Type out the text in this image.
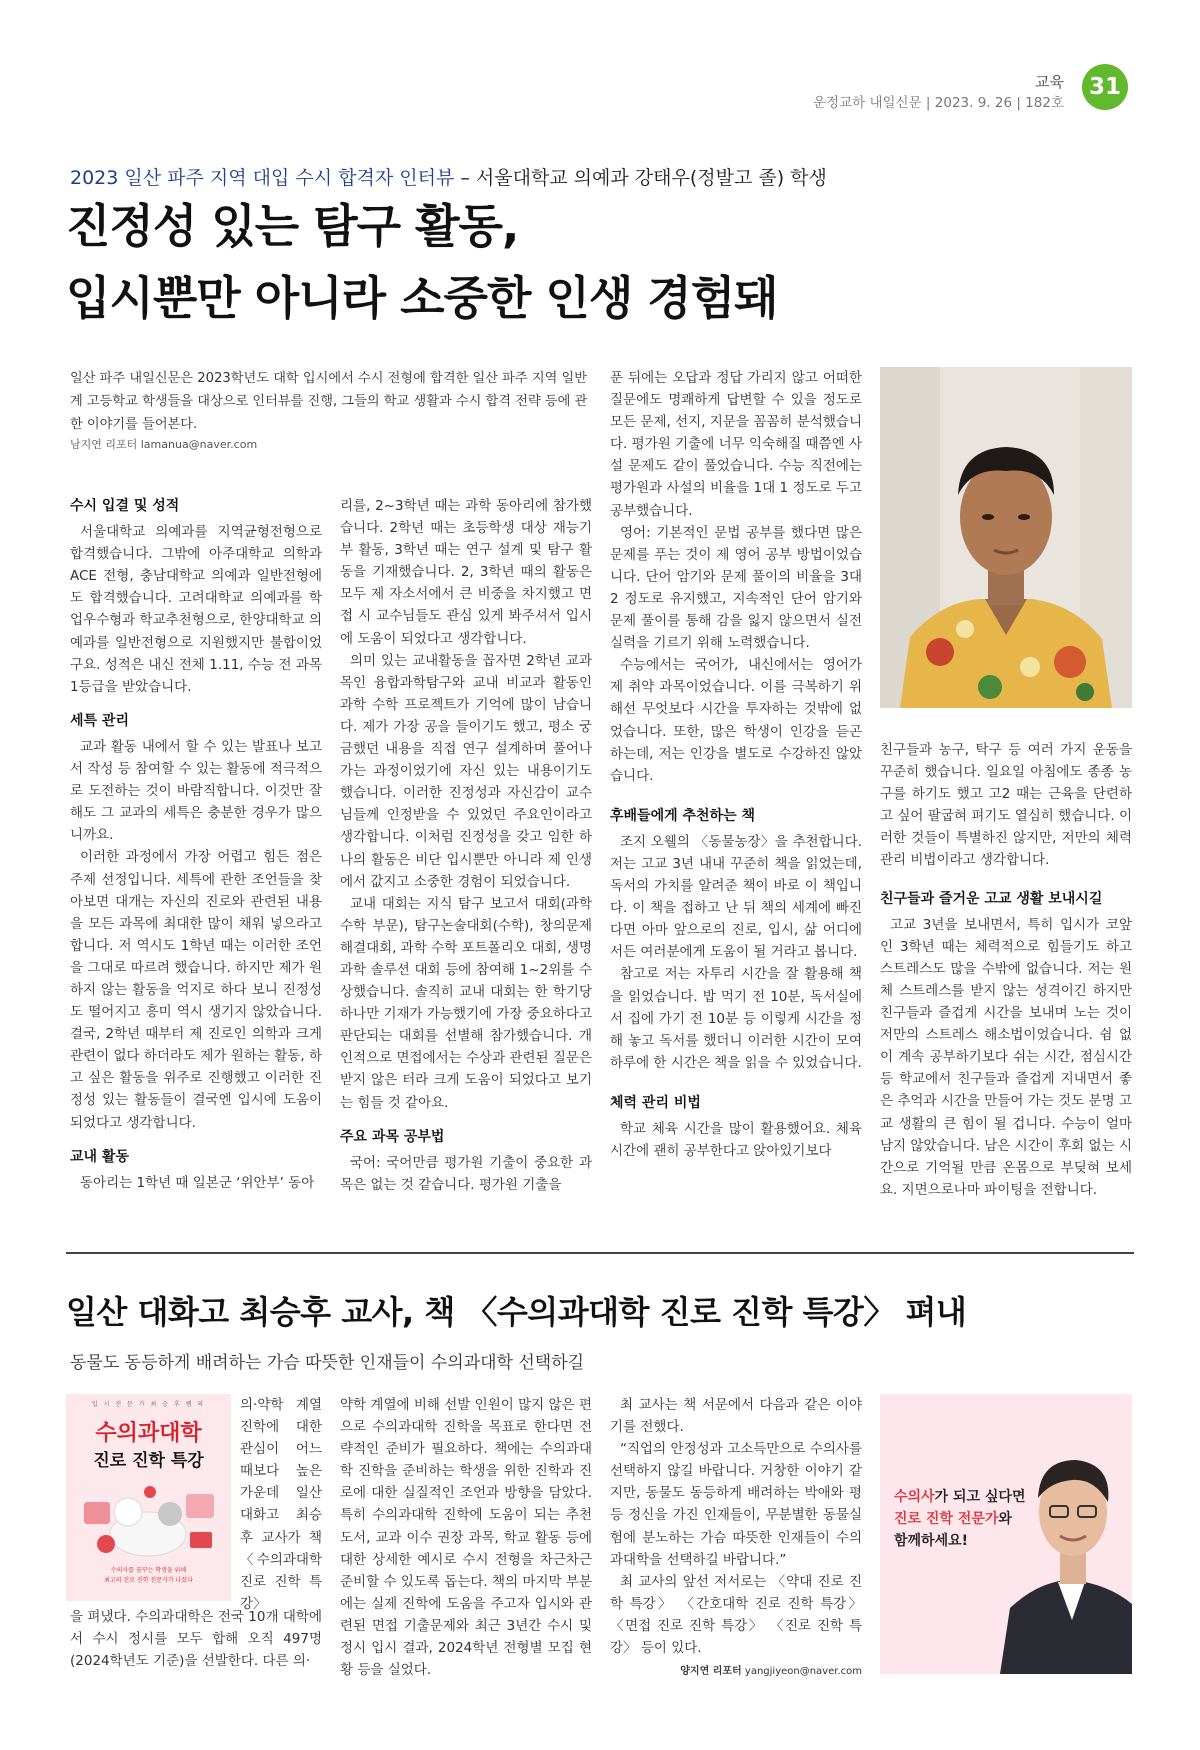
교육
운정교하 내일신문 | 2023. 9. 26 | 182호
31
2023 일산 파주 지역 대입 수시 합격자 인터뷰 – 서울대학교 의예과 강태우(정발고 졸) 학생
진정성 있는 탐구 활동,
입시뿐만 아니라 소중한 인생 경험돼
일산 파주 내일신문은 2023학년도 대학 입시에서 수시 전형에 합격한 일산 파주 지역 일반계 고등학교 학생들을 대상으로 인터뷰를 진행, 그들의 학교 생활과 수시 합격 전략 등에 관한 이야기를 들어본다.
남지연 리포터 lamanua@naver.com
수시 입결 및 성적

서울대학교 의예과를 지역균형전형으로 합격했습니다. 그밖에 아주대학교 의학과 ACE 전형, 충남대학교 의예과 일반전형에도 합격했습니다. 고려대학교 의예과를 학업우수형과 학교추천형으로, 한양대학교 의예과를 일반전형으로 지원했지만 불합이었구요. 성적은 내신 전체 1.11, 수능 전 과목 1등급을 받았습니다.

세특 관리

교과 활동 내에서 할 수 있는 발표나 보고서 작성 등 참여할 수 있는 활동에 적극적으로 도전하는 것이 바람직합니다. 이것만 잘해도 그 교과의 세특은 충분한 경우가 많으니까요.

이러한 과정에서 가장 어렵고 힘든 점은 주제 선정입니다. 세특에 관한 조언들을 찾아보면 대개는 자신의 진로와 관련된 내용을 모든 과목에 최대한 많이 채워 넣으라고 합니다. 저 역시도 1학년 때는 이러한 조언을 그대로 따르려 했습니다. 하지만 제가 원하지 않는 활동을 억지로 하다 보니 진정성도 떨어지고 흥미 역시 생기지 않았습니다. 결국, 2학년 때부터 제 진로인 의학과 크게 관련이 없다 하더라도 제가 원하는 활동, 하고 싶은 활동을 위주로 진행했고 이러한 진정성 있는 활동들이 결국엔 입시에 도움이 되었다고 생각합니다.

교내 활동

동아리는 1학년 때 일본군 ‘위안부’ 동아

리를, 2~3학년 때는 과학 동아리에 참가했습니다. 2학년 때는 초등학생 대상 재능기부 활동, 3학년 때는 연구 설계 및 탐구 활동을 기재했습니다. 2, 3학년 때의 활동은 모두 제 자소서에서 큰 비중을 차지했고 면접 시 교수님들도 관심 있게 봐주셔서 입시에 도움이 되었다고 생각합니다.

의미 있는 교내활동을 꼽자면 2학년 교과목인 융합과학탐구와 교내 비교과 활동인 과학 수학 프로젝트가 기억에 많이 남습니다. 제가 가장 공을 들이기도 했고, 평소 궁금했던 내용을 직접 연구 설계하며 풀어나가는 과정이었기에 자신 있는 내용이기도 했습니다. 이러한 진정성과 자신감이 교수님들께 인정받을 수 있었던 주요인이라고 생각합니다. 이처럼 진정성을 갖고 임한 하나의 활동은 비단 입시뿐만 아니라 제 인생에서 값지고 소중한 경험이 되었습니다.

교내 대회는 지식 탐구 보고서 대회(과학 수학 부문), 탐구논술대회(수학), 창의문제해결대회, 과학 수학 포트폴리오 대회, 생명과학 솔루션 대회 등에 참여해 1~2위를 수상했습니다. 솔직히 교내 대회는 한 학기당 하나만 기재가 가능했기에 가장 중요하다고 판단되는 대회를 선별해 참가했습니다. 개인적으로 면접에서는 수상과 관련된 질문은 받지 않은 터라 크게 도움이 되었다고 보기는 힘들 것 같아요.

주요 과목 공부법

국어: 국어만큼 평가원 기출이 중요한 과목은 없는 것 같습니다. 평가원 기출을

푼 뒤에는 오답과 정답 가리지 않고 어떠한 질문에도 명쾌하게 답변할 수 있을 정도로 모든 문제, 선지, 지문을 꼼꼼히 분석했습니다. 평가원 기출에 너무 익숙해질 때쯤엔 사설 문제도 같이 풀었습니다. 수능 직전에는 평가원과 사설의 비율을 1대 1 정도로 두고 공부했습니다.

영어: 기본적인 문법 공부를 했다면 많은 문제를 푸는 것이 제 영어 공부 방법이었습니다. 단어 암기와 문제 풀이의 비율을 3대 2 정도로 유지했고, 지속적인 단어 암기와 문제 풀이를 통해 감을 잃지 않으면서 실전 실력을 기르기 위해 노력했습니다.

수능에서는 국어가, 내신에서는 영어가 제 취약 과목이었습니다. 이를 극복하기 위해선 무엇보다 시간을 투자하는 것밖에 없었습니다. 또한, 많은 학생이 인강을 듣곤 하는데, 저는 인강을 별도로 수강하진 않았습니다.

후배들에게 추천하는 책

조지 오웰의 〈동물농장〉을 추천합니다. 저는 고교 3년 내내 꾸준히 책을 읽었는데, 독서의 가치를 알려준 책이 바로 이 책입니다. 이 책을 접하고 난 뒤 책의 세계에 빠진다면 아마 앞으로의 진로, 입시, 삶 어디에서든 여러분에게 도움이 될 거라고 봅니다.

참고로 저는 자투리 시간을 잘 활용해 책을 읽었습니다. 밥 먹기 전 10분, 독서실에서 집에 가기 전 10분 등 이렇게 시간을 정해 놓고 독서를 했더니 이러한 시간이 모여 하루에 한 시간은 책을 읽을 수 있었습니다.

체력 관리 비법

학교 체육 시간을 많이 활용했어요. 체육 시간에 괜히 공부한다고 앉아있기보다

친구들과 농구, 탁구 등 여러 가지 운동을 꾸준히 했습니다. 일요일 아침에도 종종 농구를 하기도 했고 고2 때는 근육을 단련하고 싶어 팔굽혀 펴기도 열심히 했습니다. 이러한 것들이 특별하진 않지만, 저만의 체력관리 비법이라고 생각합니다.

친구들과 즐거운 고교 생활 보내시길

고교 3년을 보내면서, 특히 입시가 코앞인 3학년 때는 체력적으로 힘들기도 하고 스트레스도 많을 수밖에 없습니다. 저는 원체 스트레스를 받지 않는 성격이긴 하지만 친구들과 즐겁게 시간을 보내며 노는 것이 저만의 스트레스 해소법이었습니다. 쉼 없이 계속 공부하기보다 쉬는 시간, 점심시간 등 학교에서 친구들과 즐겁게 지내면서 좋은 추억과 시간을 만들어 가는 것도 분명 고교 생활의 큰 힘이 될 겁니다. 수능이 얼마 남지 않았습니다. 남은 시간이 후회 없는 시간으로 기억될 만큼 온몸으로 부딪혀 보세요. 지면으로나마 파이팅을 전합니다.

일산 대화고 최승후 교사, 책 〈수의과대학 진로 진학 특강〉 펴내
동물도 동등하게 배려하는 가슴 따뜻한 인재들이 수의과대학 선택하길
입 시 전 문 가 최 승 후 쌤 의
수의과대학
진로 진학 특강
수의사를 꿈꾸는 학생을 위해
최고의 진로 진학 전문가가 나섰다
의·약학 계열 진학에 대한 관심이 어느 때보다 높은 가운데 일산 대화고 최승후 교사가 책 〈수의과대학 진로 진학 특강〉
을 펴냈다. 수의과대학은 전국 10개 대학에서 수시 정시를 모두 합해 오직 497명(2024학년도 기준)을 선발한다. 다른 의·
약학 계열에 비해 선발 인원이 많지 않은 편으로 수의과대학 진학을 목표로 한다면 전략적인 준비가 필요하다. 책에는 수의과대학 진학을 준비하는 학생을 위한 진학과 진로에 대한 실질적인 조언과 방향을 담았다. 특히 수의과대학 진학에 도움이 되는 추천 도서, 교과 이수 권장 과목, 학교 활동 등에 대한 상세한 예시로 수시 전형을 차근차근 준비할 수 있도록 돕는다. 책의 마지막 부분에는 실제 진학에 도움을 주고자 입시와 관련된 면접 기출문제와 최근 3년간 수시 및 정시 입시 결과, 2024학년 전형별 모집 현황 등을 실었다.

최 교사는 책 서문에서 다음과 같은 이야기를 전했다.

“직업의 안정성과 고소득만으로 수의사를 선택하지 않길 바랍니다. 거창한 이야기 같지만, 동물도 동등하게 배려하는 박애와 평등 정신을 가진 인재들이, 무분별한 동물실험에 분노하는 가슴 따뜻한 인재들이 수의과대학을 선택하길 바랍니다.”

최 교사의 앞선 저서로는 〈약대 진로 진학 특강〉 〈간호대학 진로 진학 특강〉 〈면접 진로 진학 특강〉 〈진로 진학 특강〉 등이 있다.

양지연 리포터 yangjiyeon@naver.com
수의사가 되고 싶다면
진로 진학 전문가와
함께하세요!
